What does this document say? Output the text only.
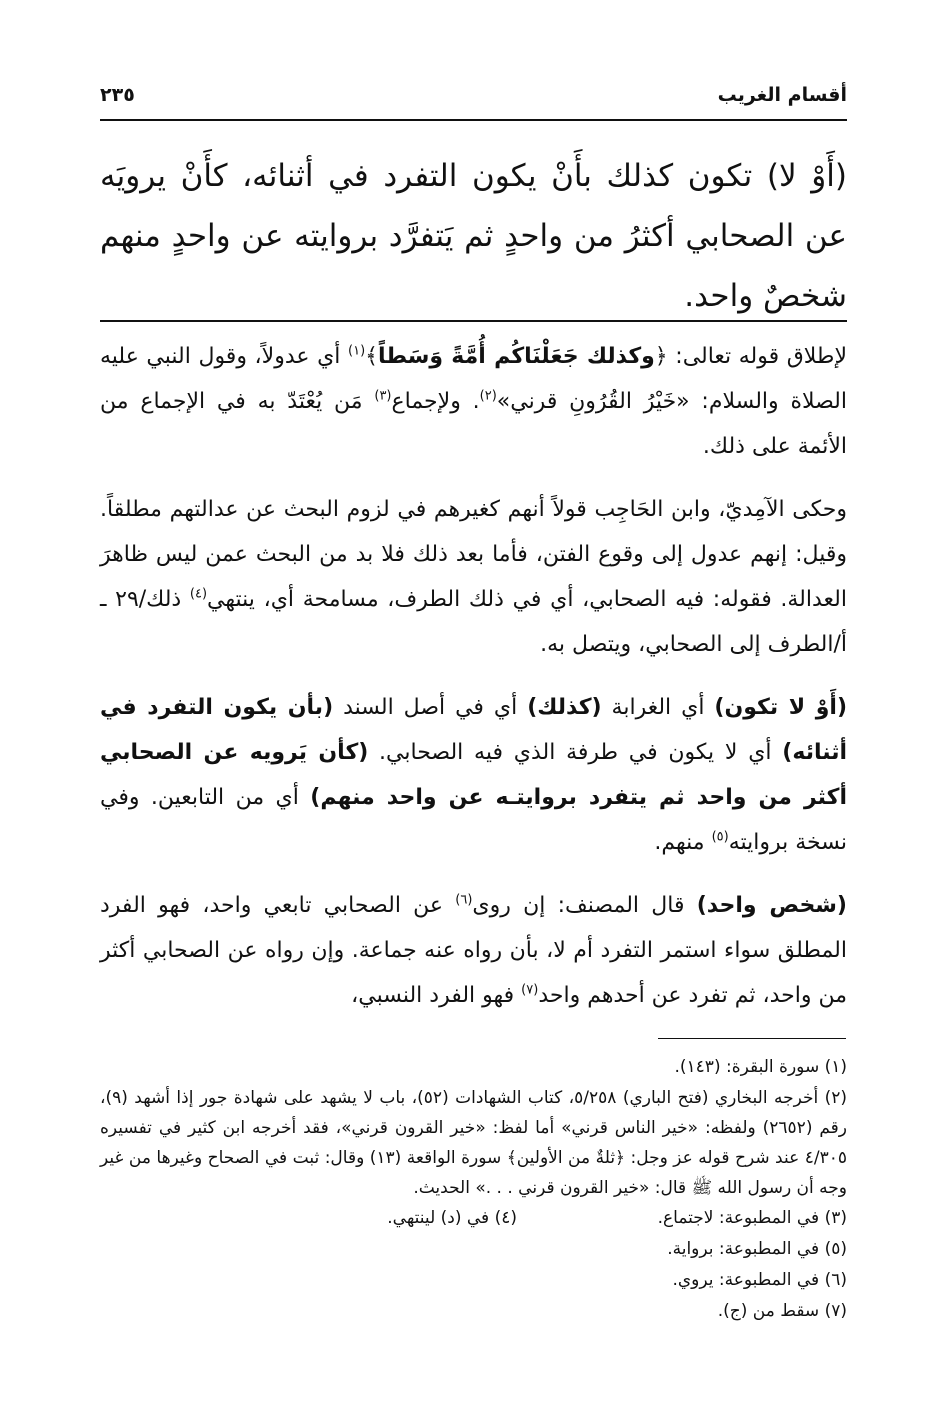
أقسام الغريب
٢٣٥
(أَوْ لا) تكون كذلك بأَنْ يكون التفرد في أثنائه، كأَنْ يرويَه عن الصحابي أكثرُ من واحدٍ ثم يَتفرَّد بروايته عن واحدٍ منهم شخصٌ واحد.

لإطلاق قوله تعالى: ﴿وكذلك جَعَلْنَاكُم أُمَّةً وَسَطاً﴾$^{(١)}$ أي عدولاً، وقول النبي عليه الصلاة والسلام: «خَيْرُ القُرُونِ قرني»$^{(٢)}$. ولإجماع$^{(٣)}$ مَن يُعْتَدّ به في الإجماع من الأئمة على ذلك.

وحكى الآمِديّ، وابن الحَاجِب قولاً أنهم كغيرهم في لزوم البحث عن عدالتهم مطلقاً. وقيل: إنهم عدول إلى وقوع الفتن، فأما بعد ذلك فلا بد من البحث عمن ليس ظاهرَ العدالة. فقوله: فيه الصحابي، أي في ذلك الطرف، مسامحة أي، ينتهي$^{(٤)}$ ذلك/٢٩ ـ أ/الطرف إلى الصحابي، ويتصل به.

(أَوْ لا تكون) أي الغرابة (كذلك) أي في أصل السند (بأن يكون التفرد في أثنائه) أي لا يكون في طرفة الذي فيه الصحابي. (كأن يَرويه عن الصحابي أكثر من واحد ثم يتفرد بروايتـه عن واحد منهم) أي من التابعين. وفي نسخة بروايته$^{(٥)}$ منهم.

(شخص واحد) قال المصنف: إن روى$^{(٦)}$ عن الصحابي تابعي واحد، فهو الفرد المطلق سواء استمر التفرد أم لا، بأن رواه عنه جماعة. وإن رواه عن الصحابي أكثر من واحد، ثم تفرد عن أحدهم واحد$^{(٧)}$ فهو الفرد النسبي،

(١) سورة البقرة: (١٤٣).
(٢) أخرجه البخاري (فتح الباري) ٥/٢٥٨، كتاب الشهادات (٥٢)، باب لا يشهد على شهادة جور إذا أشهد (٩)، رقم (٢٦٥٢) ولفظه: «خير الناس قرني» أما لفظ: «خير القرون قرني»، فقد أخرجه ابن كثير في تفسيره ٤/٣٠٥ عند شرح قوله عز وجل: ﴿ثلةٌ من الأولين﴾ سورة الواقعة (١٣) وقال: ثبت في الصحاح وغيرها من غير وجه أن رسول الله ﷺ قال: «خير القرون قرني . . .» الحديث.
(٣) في المطبوعة: لاجتماع.
(٤) في (د) لينتهي.
(٥) في المطبوعة: برواية.
(٦) في المطبوعة: يروي.
(٧) سقط من (ج).
